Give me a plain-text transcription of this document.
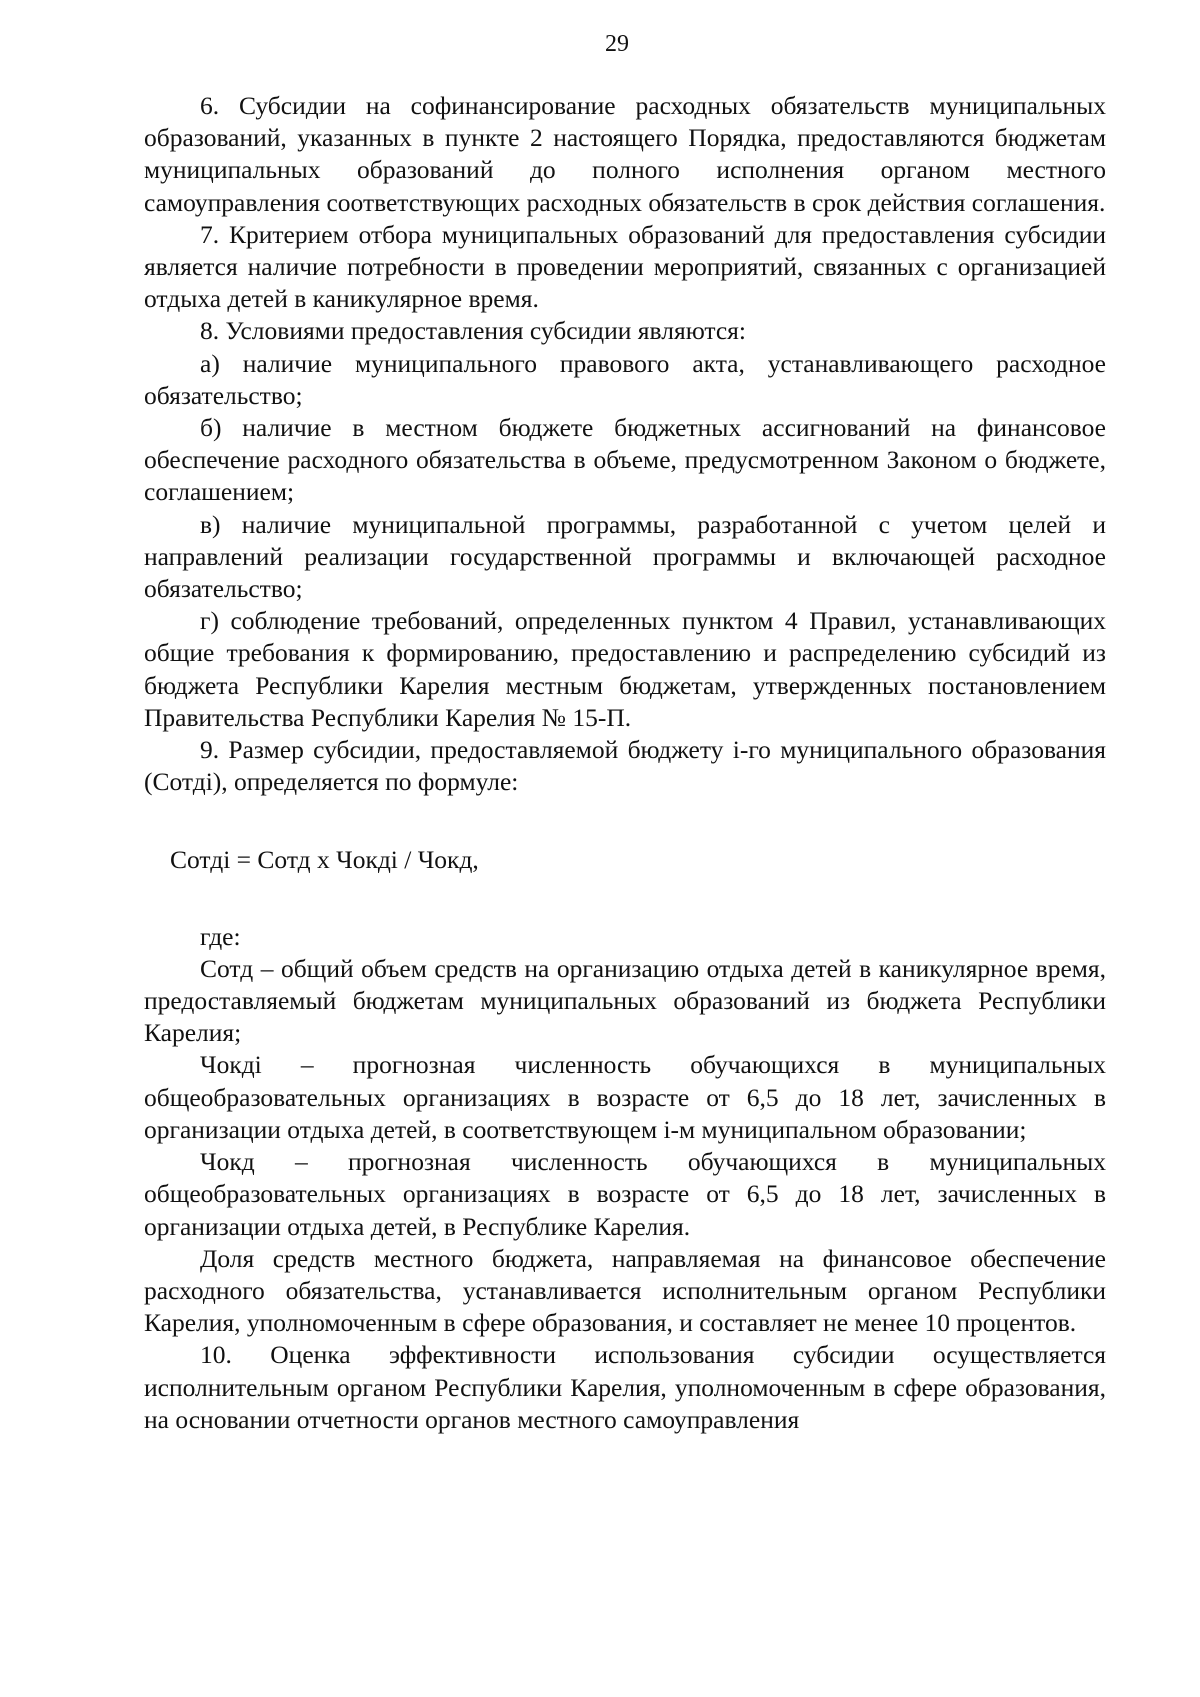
29

6. Субсидии на софинансирование расходных обязательств муниципальных образований, указанных в пункте 2 настоящего Порядка, предоставляются бюджетам муниципальных образований до полного исполнения органом местного самоуправления соответствующих расходных обязательств в срок действия соглашения.

7. Критерием отбора муниципальных образований для предоставления субсидии является наличие потребности в проведении мероприятий, связанных с организацией отдыха детей в каникулярное время.

8. Условиями предоставления субсидии являются:

а) наличие муниципального правового акта, устанавливающего расходное обязательство;

б) наличие в местном бюджете бюджетных ассигнований на финансовое обеспечение расходного обязательства в объеме, предусмотренном Законом о бюджете, соглашением;

в) наличие муниципальной программы, разработанной с учетом целей и направлений реализации государственной программы и включающей расходное обязательство;

г) соблюдение требований, определенных пунктом 4 Правил, устанавливающих общие требования к формированию, предоставлению и распределению субсидий из бюджета Республики Карелия местным бюджетам, утвержденных постановлением Правительства Республики Карелия № 15-П.

9. Размер субсидии, предоставляемой бюджету i-го муниципального образования (Сотдi), определяется по формуле:

Сотдi = Сотд х Чокдi / Чокд,

где:

Сотд – общий объем средств на организацию отдыха детей в каникулярное время, предоставляемый бюджетам муниципальных образований из бюджета Республики Карелия;

Чокдi – прогнозная численность обучающихся в муниципальных общеобразовательных организациях в возрасте от 6,5 до 18 лет, зачисленных в организации отдыха детей, в соответствующем i-м муниципальном образовании;

Чокд – прогнозная численность обучающихся в муниципальных общеобразовательных организациях в возрасте от 6,5 до 18 лет, зачисленных в организации отдыха детей, в Республике Карелия.

Доля средств местного бюджета, направляемая на финансовое обеспечение расходного обязательства, устанавливается исполнительным органом Республики Карелия, уполномоченным в сфере образования, и составляет не менее 10 процентов.

10. Оценка эффективности использования субсидии осуществляется исполнительным органом Республики Карелия, уполномоченным в сфере образования, на основании отчетности органов местного самоуправления
